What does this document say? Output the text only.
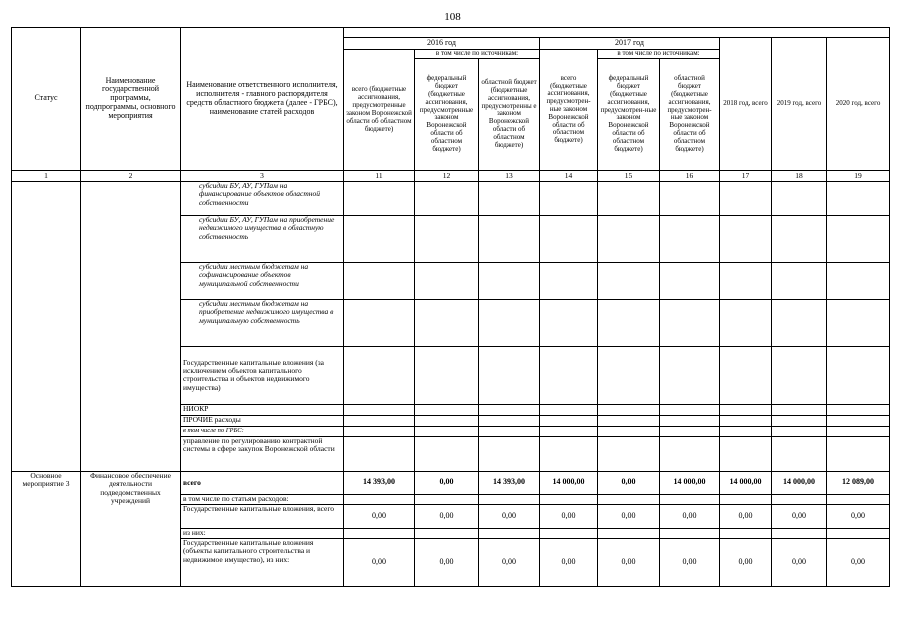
108
Статус	Наименование государственной программы, подпрограммы, основного мероприятия	Наименование ответственного исполнителя, исполнителя - главного распорядителя средств областного бюджета (далее - ГРБС), наименование статей расходов									
			2016 год			2017 год			2018 год, всего	2019 год, всего	2020 год, всего
			всего (бюджетные ассигнования, предусмотренные законом Воронежской области об областном бюджете)	в том числе по источникам:		всего (бюджетные ассигнования, предусмотрен-ные законом Воронежской области об областном бюджете)	в том числе по источникам:				
				федеральный бюджет (бюджетные ассигнования, предусмотренные законом Воронежской области об областном бюджете)	областной бюджет (бюджетные ассигнования, предусмотренны е законом Воронежской области об областном бюджете)		федеральный бюджет (бюджетные ассигнования, предусмотрен-ные законом Воронежской области об областном бюджете)	областной бюджет (бюджетные ассигнования, предусмотрен-ные законом Воронежской области об областном бюджете)			
1	2	3	11	12	13	14	15	16	17	18	19
		субсидии БУ, АУ, ГУПам на финансирование объектов областной собственности									
		субсидии БУ, АУ, ГУПам на приобретение недвижимого имущества в областную собственность									
		субсидии местным бюджетам на софинансирование объектов муниципальной собственности									
		субсидии местным бюджетам на приобретение недвижимого имущества в муниципальную собственность									
		Государственные капитальные вложения (за исключением объектов капитального строительства и объектов недвижимого имущества)									
		НИОКР									
		ПРОЧИЕ расходы									
		в том числе по ГРБС:									
		управление по регулированию контрактной системы в сфере закупок Воронежской области									
Основное мероприятие 3	Финансовое обеспечение деятельности подведомственных учреждений	всего	14 393,00	0,00	14 393,00	14 000,00	0,00	14 000,00	14 000,00	14 000,00	12 089,00
		в том числе по статьям расходов:									
		Государственные капитальные вложения, всего	0,00	0,00	0,00	0,00	0,00	0,00	0,00	0,00	0,00
		из них:									
		Государственные капитальные вложения (объекты капитального строительства и недвижимое имущество), из них:	0,00	0,00	0,00	0,00	0,00	0,00	0,00	0,00	0,00
